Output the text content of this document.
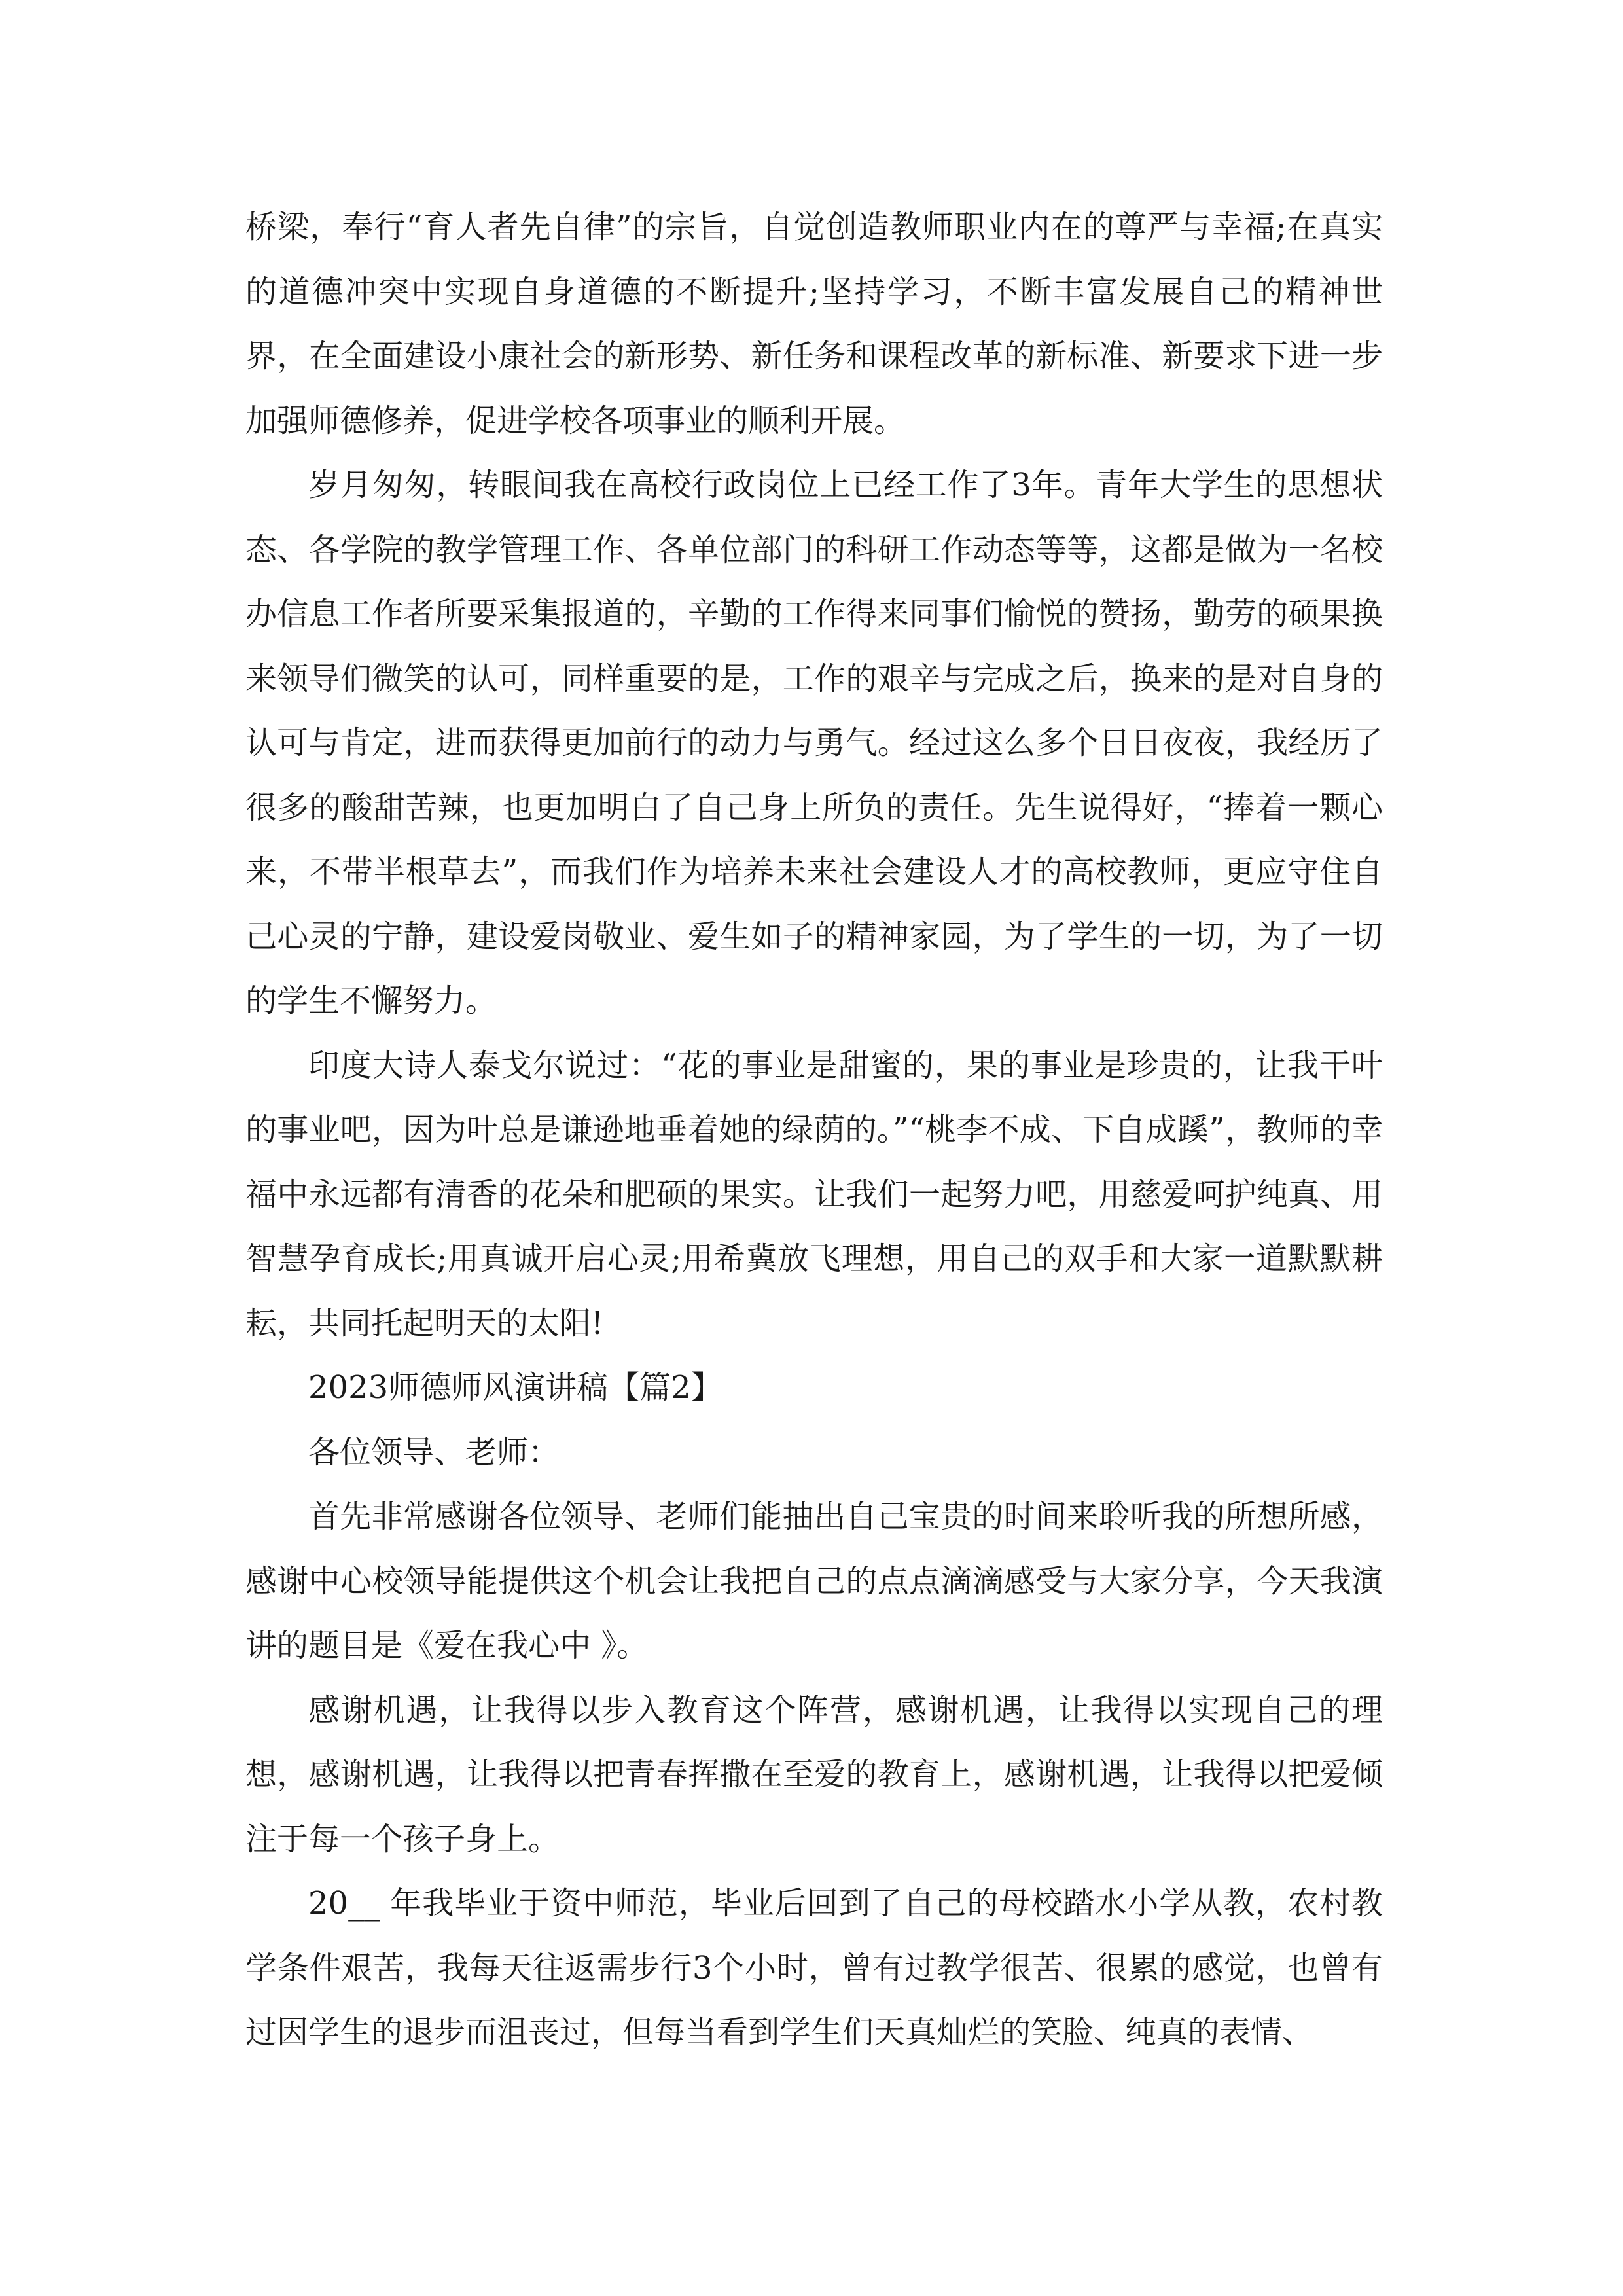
桥梁，奉行“育人者先自律”的宗旨，自觉创造教师职业内在的尊严与幸福;在真实的道德冲突中实现自身道德的不断提升;坚持学习，不断丰富发展自己的精神世界，在全面建设小康社会的新形势、新任务和课程改革的新标准、新要求下进一步加强师德修养，促进学校各项事业的顺利开展。

岁月匆匆，转眼间我在高校行政岗位上已经工作了3年。青年大学生的思想状态、各学院的教学管理工作、各单位部门的科研工作动态等等，这都是做为一名校办信息工作者所要采集报道的，辛勤的工作得来同事们愉悦的赞扬，勤劳的硕果换来领导们微笑的认可，同样重要的是，工作的艰辛与完成之后，换来的是对自身的认可与肯定，进而获得更加前行的动力与勇气。经过这么多个日日夜夜，我经历了很多的酸甜苦辣，也更加明白了自己身上所负的责任。先生说得好，“捧着一颗心来，不带半根草去”，而我们作为培养未来社会建设人才的高校教师，更应守住自己心灵的宁静，建设爱岗敬业、爱生如子的精神家园，为了学生的一切，为了一切的学生不懈努力。

印度大诗人泰戈尔说过：“花的事业是甜蜜的，果的事业是珍贵的，让我干叶的事业吧，因为叶总是谦逊地垂着她的绿荫的。”“桃李不成、下自成蹊”，教师的幸福中永远都有清香的花朵和肥硕的果实。让我们一起努力吧，用慈爱呵护纯真、用智慧孕育成长;用真诚开启心灵;用希冀放飞理想，用自己的双手和大家一道默默耕耘，共同托起明天的太阳!

2023师德师风演讲稿【篇2】

各位领导、老师：

首先非常感谢各位领导、老师们能抽出自己宝贵的时间来聆听我的所想所感，感谢中心校领导能提供这个机会让我把自己的点点滴滴感受与大家分享，今天我演讲的题目是《爱在我心中 》。

感谢机遇，让我得以步入教育这个阵营，感谢机遇，让我得以实现自己的理想，感谢机遇，让我得以把青春挥撒在至爱的教育上，感谢机遇，让我得以把爱倾注于每一个孩子身上。

20__ 年我毕业于资中师范，毕业后回到了自己的母校踏水小学从教，农村教学条件艰苦，我每天往返需步行3个小时，曾有过教学很苦、很累的感觉，也曾有过因学生的退步而沮丧过，但每当看到学生们天真灿烂的笑脸、纯真的表情、
